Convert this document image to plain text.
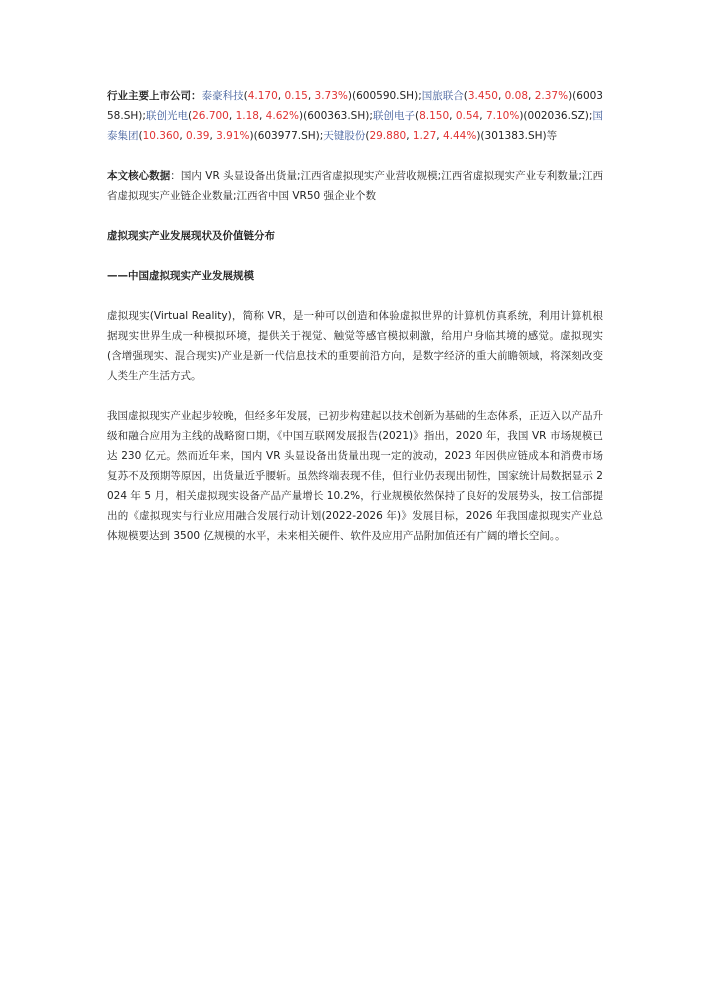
行业主要上市公司：泰豪科技(4.170, 0.15, 3.73%)(600590.SH);国旅联合(3.450, 0.08, 2.37%)(600358.SH);联创光电(26.700, 1.18, 4.62%)(600363.SH);联创电子(8.150, 0.54, 7.10%)(002036.SZ);国泰集团(10.360, 0.39, 3.91%)(603977.SH);天键股份(29.880, 1.27, 4.44%)(301383.SH)等

本文核心数据：国内 VR 头显设备出货量;江西省虚拟现实产业营收规模;江西省虚拟现实产业专利数量;江西省虚拟现实产业链企业数量;江西省中国 VR50 强企业个数

虚拟现实产业发展现状及价值链分布

——中国虚拟现实产业发展规模

虚拟现实(Virtual Reality)，简称 VR，是一种可以创造和体验虚拟世界的计算机仿真系统，利用计算机根据现实世界生成一种模拟环境，提供关于视觉、触觉等感官模拟刺激，给用户身临其境的感觉。虚拟现实(含增强现实、混合现实)产业是新一代信息技术的重要前沿方向，是数字经济的重大前瞻领域，将深刻改变人类生产生活方式。

我国虚拟现实产业起步较晚，但经多年发展，已初步构建起以技术创新为基础的生态体系，正迈入以产品升级和融合应用为主线的战略窗口期，《中国互联网发展报告(2021)》指出，2020 年，我国 VR 市场规模已达 230 亿元。然而近年来，国内 VR 头显设备出货量出现一定的波动，2023 年因供应链成本和消费市场复苏不及预期等原因，出货量近乎腰斩。虽然终端表现不佳，但行业仍表现出韧性，国家统计局数据显示 2024 年 5 月，相关虚拟现实设备产品产量增长 10.2%，行业规模依然保持了良好的发展势头，按工信部提出的《虚拟现实与行业应用融合发展行动计划(2022-2026 年)》发展目标，2026 年我国虚拟现实产业总体规模要达到 3500 亿规模的水平，未来相关硬件、软件及应用产品附加值还有广阔的增长空间。。
